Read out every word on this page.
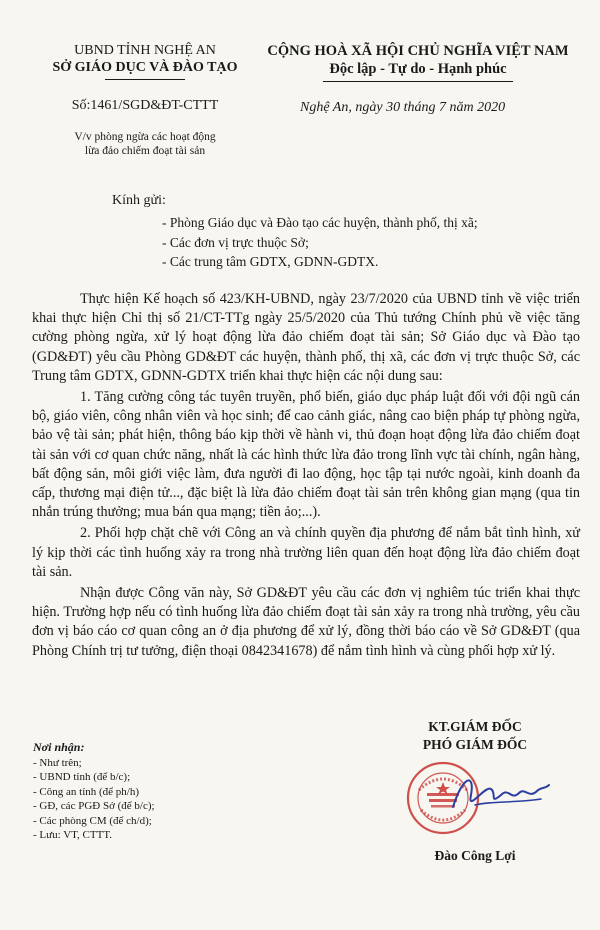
UBND TỈNH NGHỆ AN
SỞ GIÁO DỤC VÀ ĐÀO TẠO
CỘNG HOÀ XÃ HỘI CHỦ NGHĨA VIỆT NAM
Độc lập - Tự do - Hạnh phúc
Số:1461/SGD&ĐT-CTTT	Nghệ An, ngày 30 tháng 7 năm 2020
V/v phòng ngừa các hoạt động
lừa đảo chiếm đoạt tài sản
Kính gửi:
- Phòng Giáo dục và Đào tạo các huyện, thành phố, thị xã;
- Các đơn vị trực thuộc Sở;
- Các trung tâm GDTX, GDNN-GDTX.

Thực hiện Kế hoạch số 423/KH-UBND, ngày 23/7/2020 của UBND tỉnh về việc triển khai thực hiện Chỉ thị số 21/CT-TTg ngày 25/5/2020 của Thủ tướng Chính phủ về việc tăng cường phòng ngừa, xử lý hoạt động lừa đảo chiếm đoạt tài sản; Sở Giáo dục và Đào tạo (GD&ĐT) yêu cầu Phòng GD&ĐT các huyện, thành phố, thị xã, các đơn vị trực thuộc Sở, các Trung tâm GDTX, GDNN-GDTX triển khai thực hiện các nội dung sau:

1. Tăng cường công tác tuyên truyền, phổ biến, giáo dục pháp luật đối với đội ngũ cán bộ, giáo viên, công nhân viên và học sinh; để cao cảnh giác, nâng cao biện pháp tự phòng ngừa, bảo vệ tài sản; phát hiện, thông báo kịp thời về hành vi, thủ đoạn hoạt động lừa đảo chiếm đoạt tài sản với cơ quan chức năng, nhất là các hình thức lừa đảo trong lĩnh vực tài chính, ngân hàng, bất động sản, môi giới việc làm, đưa người đi lao động, học tập tại nước ngoài, kinh doanh đa cấp, thương mại điện tử..., đặc biệt là lừa đảo chiếm đoạt tài sản trên không gian mạng (qua tin nhắn trúng thưởng; mua bán qua mạng; tiền ảo;...).

2. Phối hợp chặt chẽ với Công an và chính quyền địa phương để nắm bắt tình hình, xử lý kịp thời các tình huống xảy ra trong nhà trường liên quan đến hoạt động lừa đảo chiếm đoạt tài sản.

Nhận được Công văn này, Sở GD&ĐT yêu cầu các đơn vị nghiêm túc triển khai thực hiện. Trường hợp nếu có tình huống lừa đảo chiếm đoạt tài sản xảy ra trong nhà trường, yêu cầu đơn vị báo cáo cơ quan công an ở địa phương để xử lý, đồng thời báo cáo về Sở GD&ĐT (qua Phòng Chính trị tư tưởng, điện thoại 0842341678) để nắm tình hình và cùng phối hợp xử lý.

Nơi nhận:
- Như trên;
- UBND tỉnh (để b/c);
- Công an tỉnh (để ph/h)
- GĐ, các PGĐ Sở (để b/c);
- Các phòng CM (để ch/d);
- Lưu: VT, CTTT.
KT.GIÁM ĐỐC
PHÓ GIÁM ĐỐC
Đào Công Lợi
